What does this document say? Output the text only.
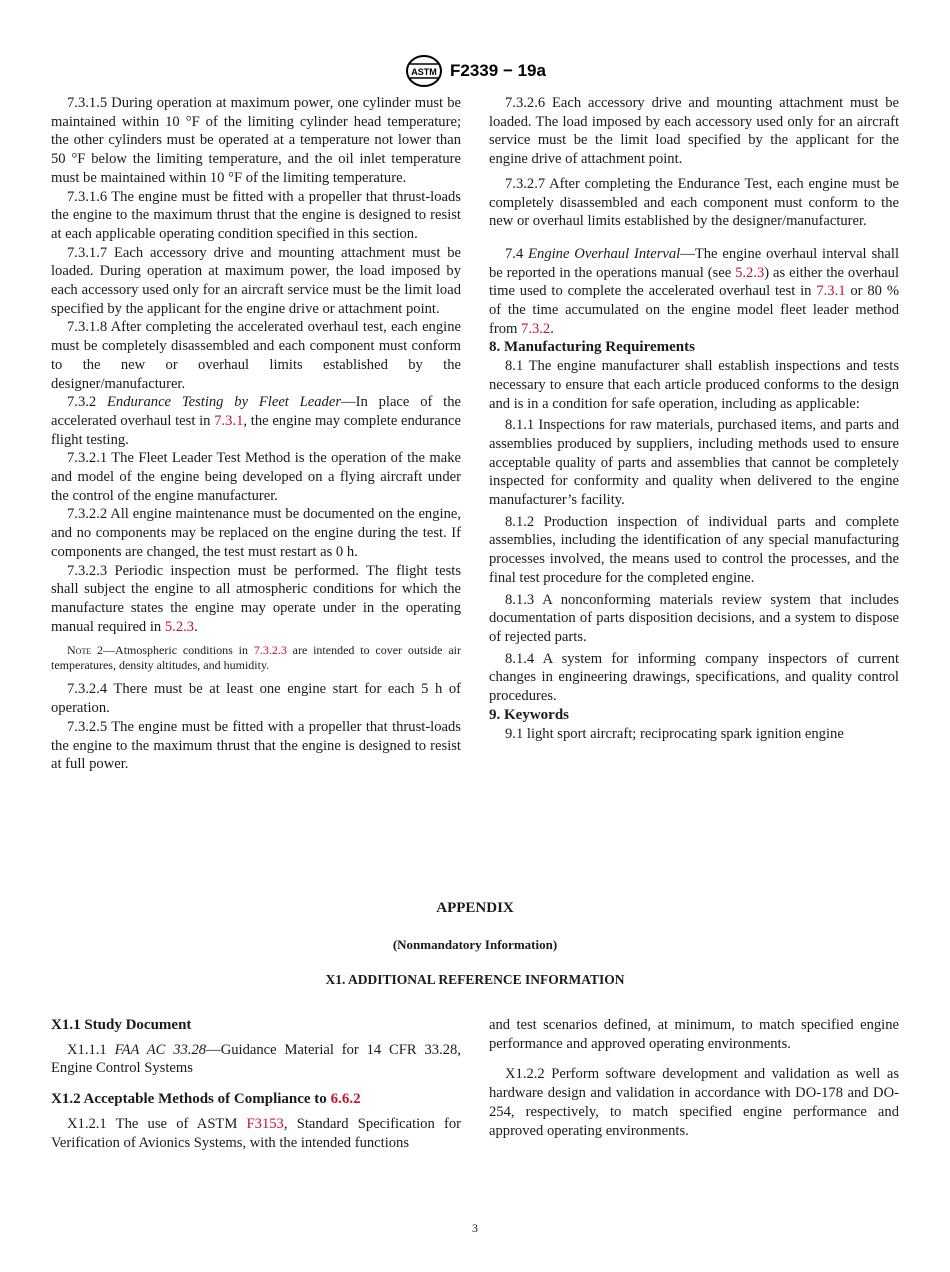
ASTM F2339 − 19a

7.3.1.5 During operation at maximum power, one cylinder must be maintained within 10 °F of the limiting cylinder head temperature; the other cylinders must be operated at a temperature not lower than 50 °F below the limiting temperature, and the oil inlet temperature must be maintained within 10 °F of the limiting temperature.

7.3.1.6 The engine must be fitted with a propeller that thrust-loads the engine to the maximum thrust that the engine is designed to resist at each applicable operating condition specified in this section.

7.3.1.7 Each accessory drive and mounting attachment must be loaded. During operation at maximum power, the load imposed by each accessory used only for an aircraft service must be the limit load specified by the applicant for the engine drive or attachment point.

7.3.1.8 After completing the accelerated overhaul test, each engine must be completely disassembled and each component must conform to the new or overhaul limits established by the designer/manufacturer.

7.3.2 Endurance Testing by Fleet Leader—In place of the accelerated overhaul test in 7.3.1, the engine may complete endurance flight testing.

7.3.2.1 The Fleet Leader Test Method is the operation of the make and model of the engine being developed on a flying aircraft under the control of the engine manufacturer.

7.3.2.2 All engine maintenance must be documented on the engine, and no components may be replaced on the engine during the test. If components are changed, the test must restart as 0 h.

7.3.2.3 Periodic inspection must be performed. The flight tests shall subject the engine to all atmospheric conditions for which the manufacture states the engine may operate under in the operating manual required in 5.2.3.

Note 2—Atmospheric conditions in 7.3.2.3 are intended to cover outside air temperatures, density altitudes, and humidity.

7.3.2.4 There must be at least one engine start for each 5 h of operation.

7.3.2.5 The engine must be fitted with a propeller that thrust-loads the engine to the maximum thrust that the engine is designed to resist at full power.

7.3.2.6 Each accessory drive and mounting attachment must be loaded. The load imposed by each accessory used only for an aircraft service must be the limit load specified by the applicant for the engine drive of attachment point.

7.3.2.7 After completing the Endurance Test, each engine must be completely disassembled and each component must conform to the new or overhaul limits established by the designer/manufacturer.

7.4 Engine Overhaul Interval—The engine overhaul interval shall be reported in the operations manual (see 5.2.3) as either the overhaul time used to complete the accelerated overhaul test in 7.3.1 or 80 % of the time accumulated on the engine model fleet leader method from 7.3.2.

8. Manufacturing Requirements

8.1 The engine manufacturer shall establish inspections and tests necessary to ensure that each article produced conforms to the design and is in a condition for safe operation, including as applicable:

8.1.1 Inspections for raw materials, purchased items, and parts and assemblies produced by suppliers, including methods used to ensure acceptable quality of parts and assemblies that cannot be completely inspected for conformity and quality when delivered to the engine manufacturer’s facility.

8.1.2 Production inspection of individual parts and complete assemblies, including the identification of any special manufacturing processes involved, the means used to control the processes, and the final test procedure for the completed engine.

8.1.3 A nonconforming materials review system that includes documentation of parts disposition decisions, and a system to dispose of rejected parts.

8.1.4 A system for informing company inspectors of current changes in engineering drawings, specifications, and quality control procedures.

9. Keywords

9.1 light sport aircraft; reciprocating spark ignition engine

APPENDIX
(Nonmandatory Information)
X1. ADDITIONAL REFERENCE INFORMATION

X1.1 Study Document

X1.1.1 FAA AC 33.28—Guidance Material for 14 CFR 33.28, Engine Control Systems

X1.2 Acceptable Methods of Compliance to 6.6.2

X1.2.1 The use of ASTM F3153, Standard Specification for Verification of Avionics Systems, with the intended functions

and test scenarios defined, at minimum, to match specified engine performance and approved operating environments.

X1.2.2 Perform software development and validation as well as hardware design and validation in accordance with DO-178 and DO-254, respectively, to match specified engine performance and approved operating environments.

3
